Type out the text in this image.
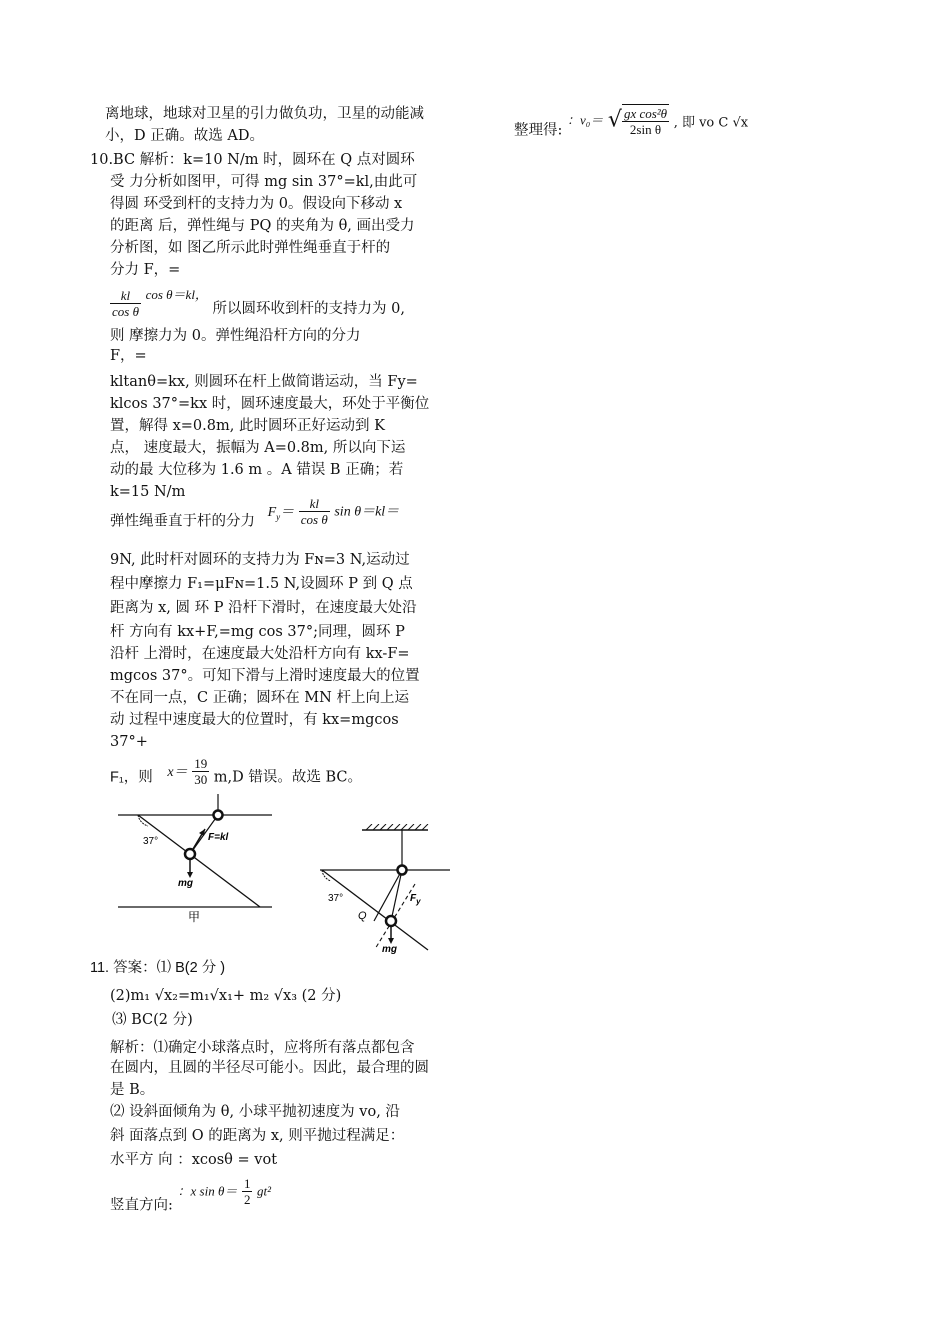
离地球，地球对卫星的引力做负功，卫星的动能减
小，D 正确。故选 AD。
10.BC 解析：k=10 N/m 时，圆环在 Q 点对圆环
受 力分析如图甲，可得 mg sin 37°=kl,由此可
得圆 环受到杆的支持力为 0。假设向下移动 x
的距离 后，弹性绳与 PQ 的夹角为 θ, 画出受力
分析图，如 图乙所示此时弹性绳垂直于杆的
分力 F，=
$\frac{kl}{\text{cos θ}}$ cos θ＝kl， 所以圆环收到杆的支持力为 0,
则 摩擦力为 0。弹性绳沿杆方向的分力
F，=
kltanθ=kx, 则圆环在杆上做简谐运动，当 Fy=
klcos 37°=kx 时，圆环速度最大，环处于平衡位
置，解得 x=0.8m, 此时圆环正好运动到 K
点， 速度最大，振幅为 A=0.8m, 所以向下运
动的最 大位移为 1.6 m 。A 错误 B 正确；若
k=15 N/m
弹性绳垂直于杆的分力 $F_y= \frac{kl}{\text{cos θ}}$ sin θ＝kl＝
9N, 此时杆对圆环的支持力为 Fɴ=3 N,运动过
程中摩擦力 F₁=μFɴ=1.5 N,设圆环 P 到 Q 点
距离为 x, 圆 环 P 沿杆下滑时，在速度最大处沿
杆 方向有 kx+F,=mg cos 37°;同理，圆环 P
沿杆 上滑时，在速度最大处沿杆方向有 kx-F=
mgcos 37°。可知下滑与上滑时速度最大的位置
不在同一点，C 正确；圆环在 MN 杆上向上运
动 过程中速度最大的位置时，有 kx=mgcos
37°+
F₁，则 $x= \frac{19}{30} m,D$ 错误。故选 BC。
37°	F=kl
mg
甲
37°	$F_y$
Q
mg
11. 答案：⑴ B(2 分 )
(2)m₁ √x₂=m₁√x₁+ m₂ √x₃ (2 分)
⑶ BC(2 分)
解析：⑴确定小球落点时，应将所有落点都包含
在圆内，且圆的半径尽可能小。因此，最合理的圆
是 B。
⑵ 设斜面倾角为 θ, 小球平抛初速度为 vo, 沿
斜 面落点到 O 的距离为 x, 则平抛过程满足：
水平方 向 ：xcosθ = vot
竖直方向: ：x $\sin \theta= \frac{1}{2} gt^2$
整理得: ：v₀＝ √ $\frac{\text{gx cos²θ}}{\text{2sin θ}}$ , 即 vo C √x
